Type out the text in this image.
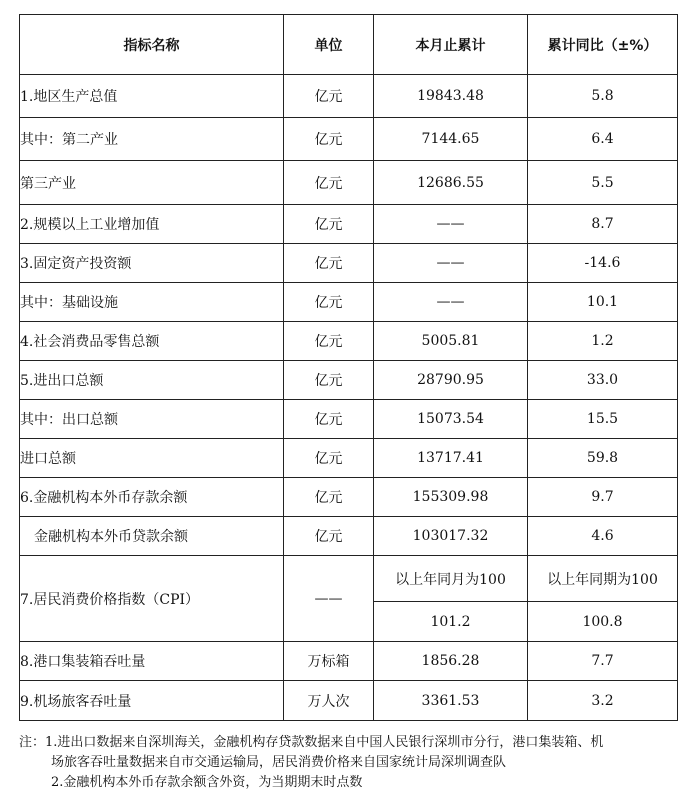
指标名称	单位	本月止累计	累计同比（±%）
1.地区生产总值	亿元	19843.48	5.8
其中：第二产业	亿元	7144.65	6.4
第三产业	亿元	12686.55	5.5
2.规模以上工业增加值	亿元	——	8.7
3.固定资产投资额	亿元	——	-14.6
其中：基础设施	亿元	——	10.1
4.社会消费品零售总额	亿元	5005.81	1.2
5.进出口总额	亿元	28790.95	33.0
其中：出口总额	亿元	15073.54	15.5
进口总额	亿元	13717.41	59.8
6.金融机构本外币存款余额	亿元	155309.98	9.7
金融机构本外币贷款余额	亿元	103017.32	4.6
7.居民消费价格指数（CPI）	——	以上年同月为100	以上年同期为100
		101.2	100.8
8.港口集装箱吞吐量	万标箱	1856.28	7.7
9.机场旅客吞吐量	万人次	3361.53	3.2
注：1.进出口数据来自深圳海关，金融机构存贷款数据来自中国人民银行深圳市分行，港口集装箱、机
场旅客吞吐量数据来自市交通运输局，居民消费价格来自国家统计局深圳调查队
2.金融机构本外币存款余额含外资，为当期期末时点数
